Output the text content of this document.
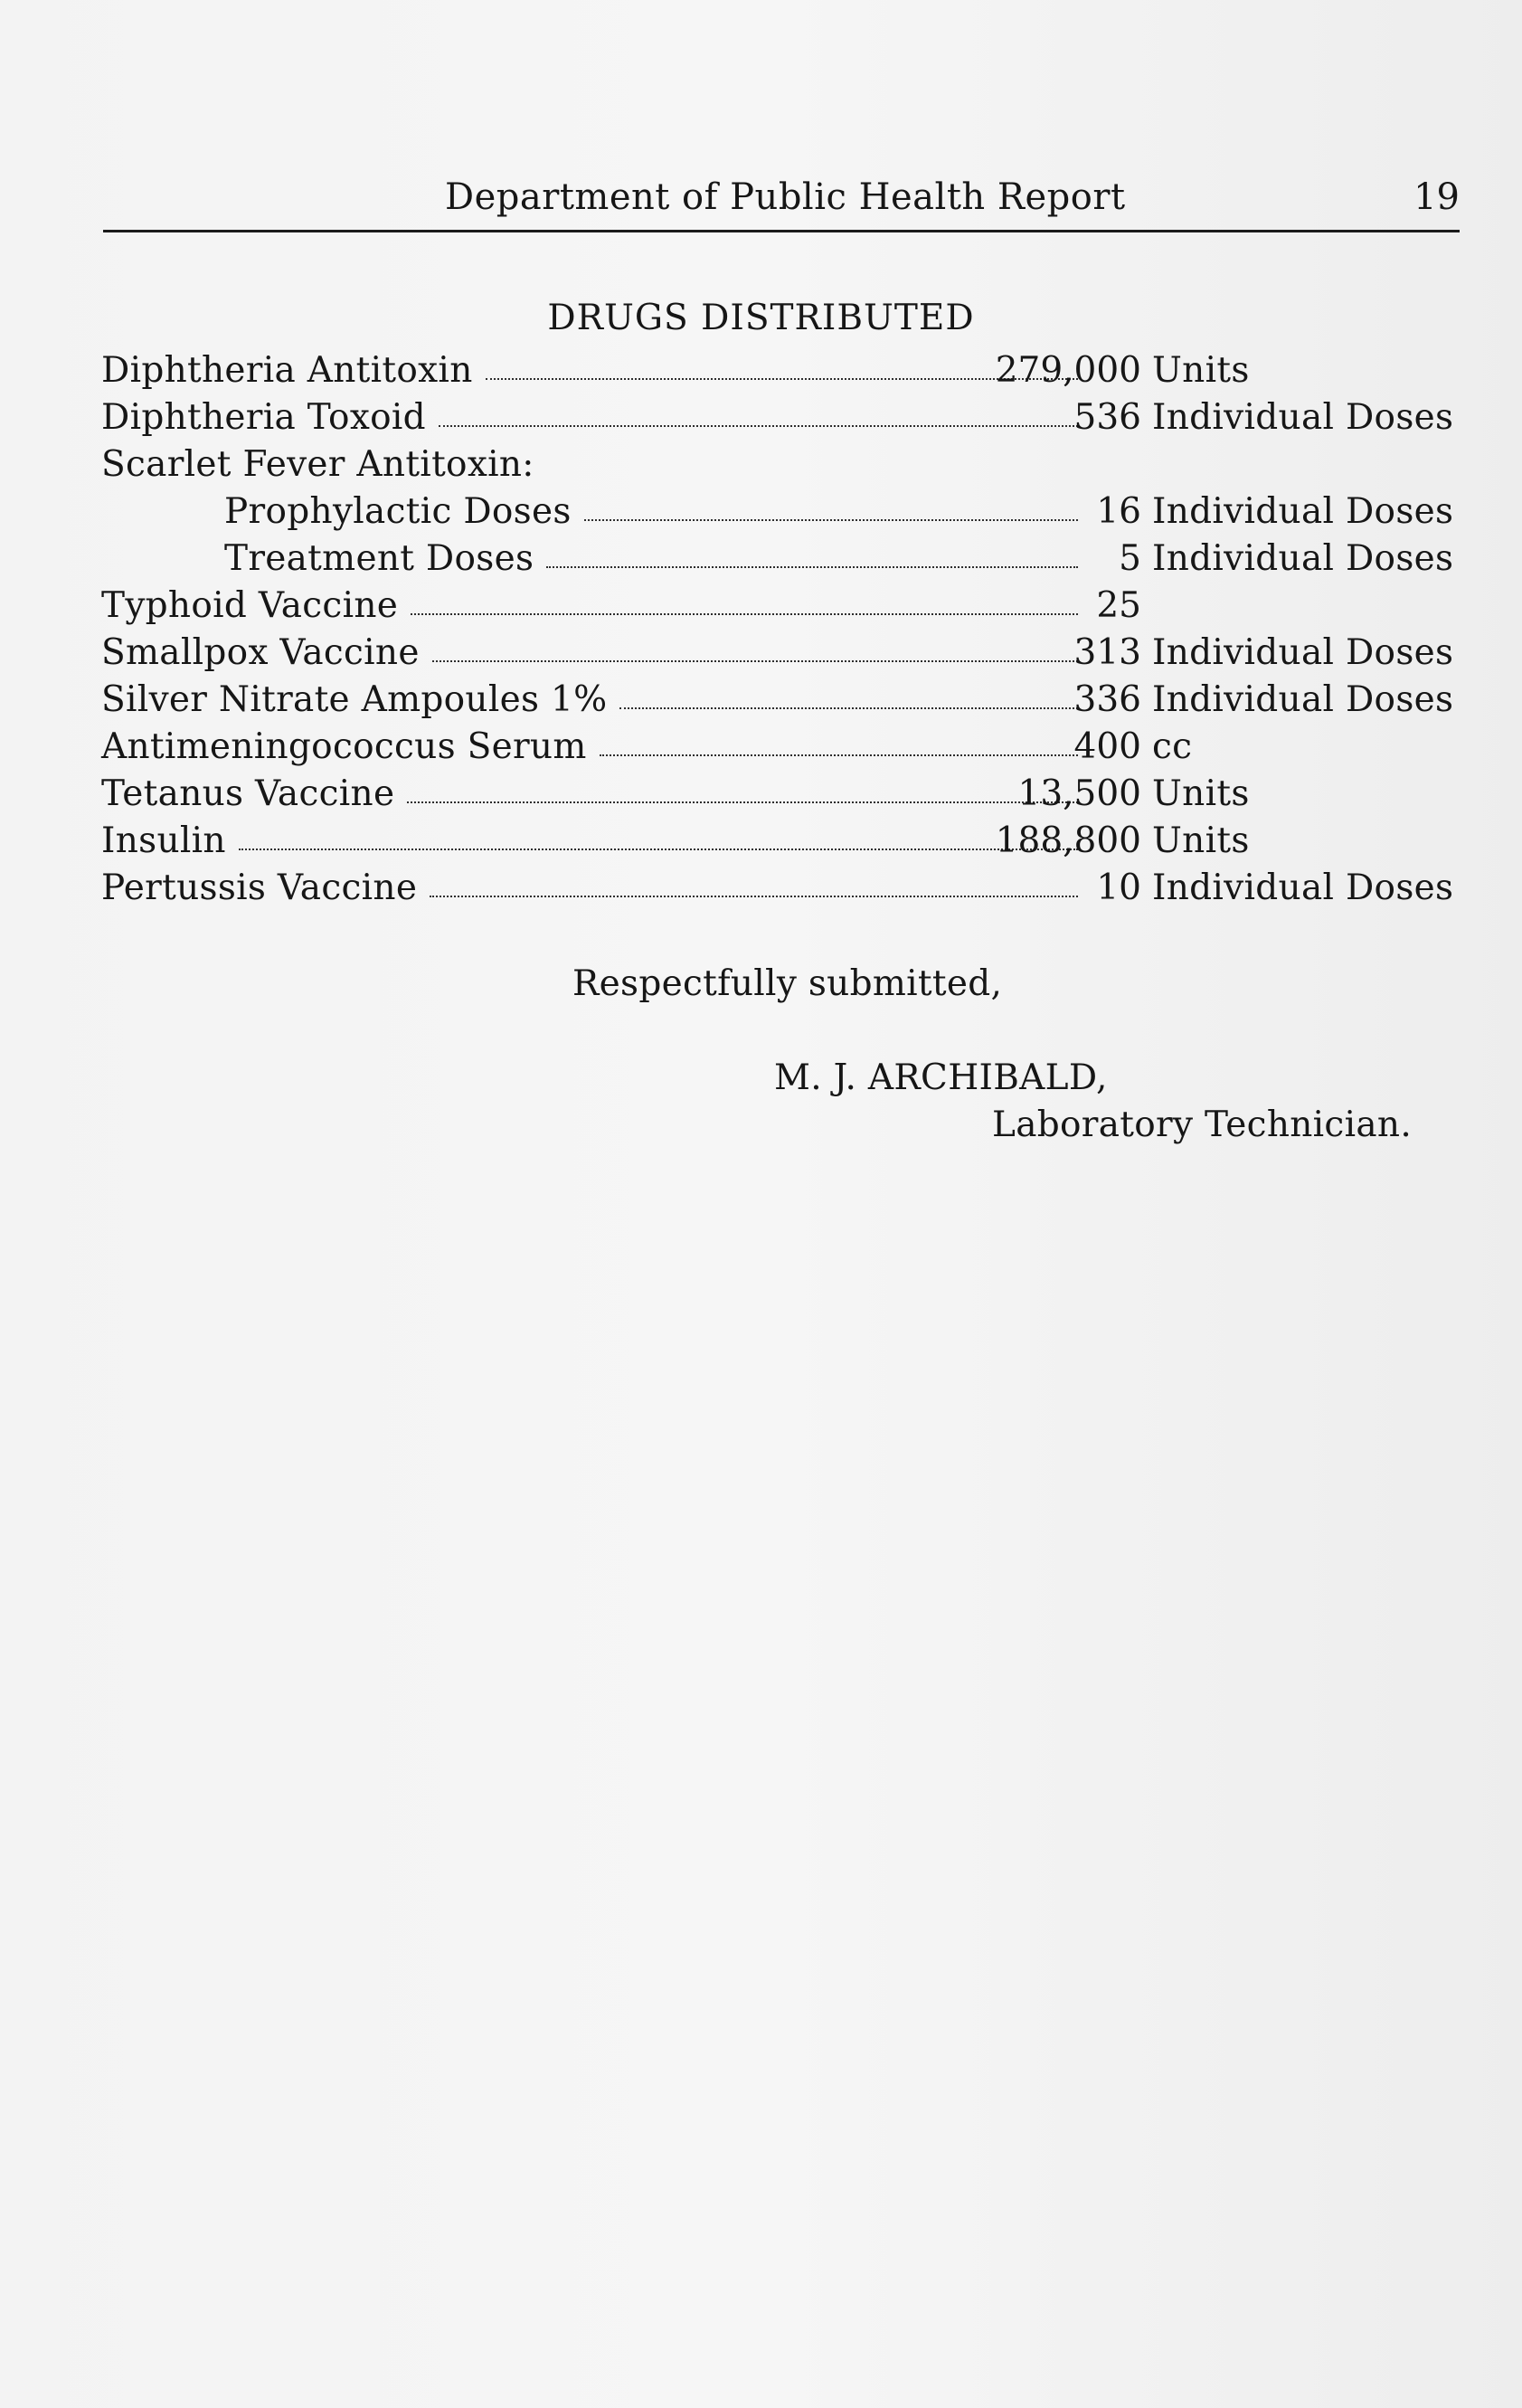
Department of Public Health Report	19
DRUGS DISTRIBUTED
Diphtheria Antitoxin	279,000 Units
Diphtheria Toxoid	536 Individual Doses
Scarlet Fever Antitoxin:
Prophylactic Doses	16 Individual Doses
Treatment Doses	5 Individual Doses
Typhoid Vaccine	25
Smallpox Vaccine	313 Individual Doses
Silver Nitrate Ampoules 1%	336 Individual Doses
Antimeningococcus Serum	400 cc
Tetanus Vaccine	13,500 Units
Insulin	188,800 Units
Pertussis Vaccine	10 Individual Doses
Respectfully submitted,
M. J. ARCHIBALD,
Laboratory Technician.
